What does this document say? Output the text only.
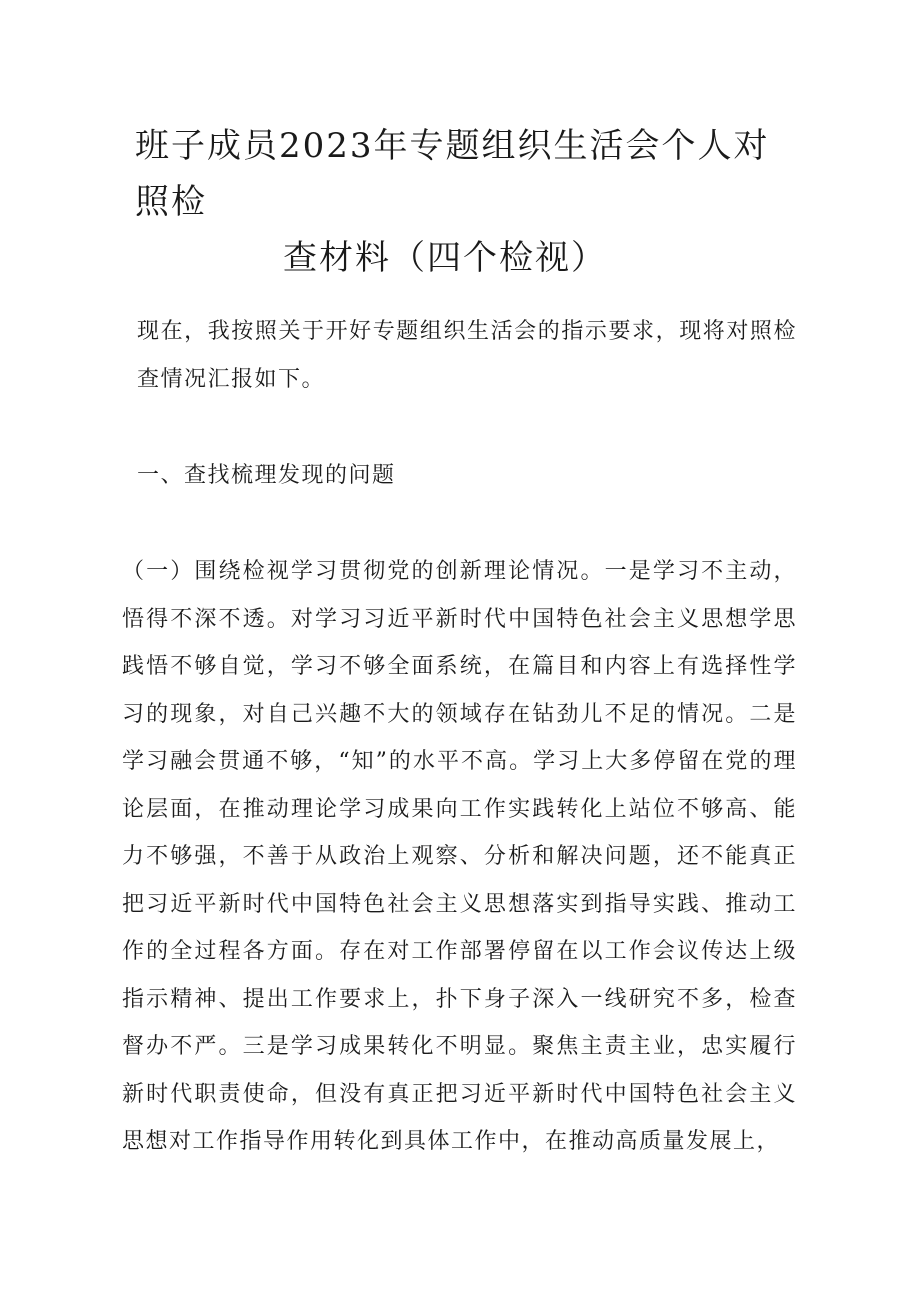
班子成员2023年专题组织生活会个人对照检
查材料（四个检视）

现在，我按照关于开好专题组织生活会的指示要求，现将对照检查情况汇报如下。

一、查找梳理发现的问题

（一）围绕检视学习贯彻党的创新理论情况。一是学习不主动，悟得不深不透。对学习习近平新时代中国特色社会主义思想学思践悟不够自觉，学习不够全面系统，在篇目和内容上有选择性学习的现象，对自己兴趣不大的领域存在钻劲儿不足的情况。二是学习融会贯通不够，“知”的水平不高。学习上大多停留在党的理论层面，在推动理论学习成果向工作实践转化上站位不够高、能力不够强，不善于从政治上观察、分析和解决问题，还不能真正把习近平新时代中国特色社会主义思想落实到指导实践、推动工作的全过程各方面。存在对工作部署停留在以工作会议传达上级指示精神、提出工作要求上，扑下身子深入一线研究不多，检查督办不严。三是学习成果转化不明显。聚焦主责主业，忠实履行新时代职责使命，但没有真正把习近平新时代中国特色社会主义思想对工作指导作用转化到具体工作中，在推动高质量发展上，
